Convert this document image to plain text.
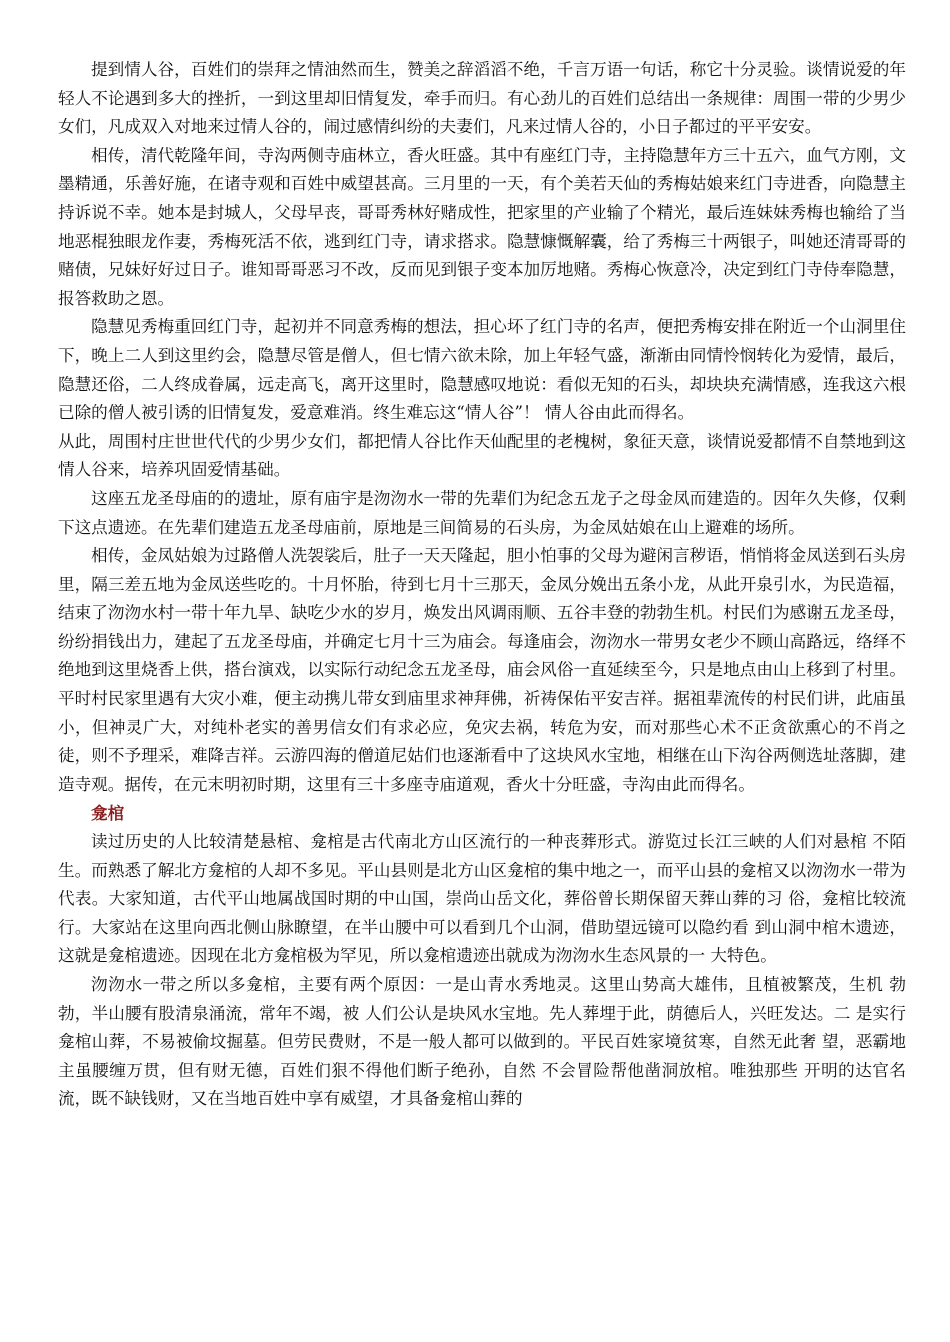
提到情人谷，百姓们的崇拜之情油然而生，赞美之辞滔滔不绝，千言万语一句话，称它十分灵验。谈情说爱的年轻人不论遇到多大的挫折，一到这里却旧情复发，牵手而归。有心劲儿的百姓们总结出一条规律：周围一带的少男少女们，凡成双入对地来过情人谷的，闹过感情纠纷的夫妻们，凡来过情人谷的，小日子都过的平平安安。

相传，清代乾隆年间，寺沟两侧寺庙林立，香火旺盛。其中有座红门寺，主持隐慧年方三十五六，血气方刚，文墨精通，乐善好施，在诸寺观和百姓中威望甚高。三月里的一天，有个美若天仙的秀梅姑娘来红门寺进香，向隐慧主持诉说不幸。她本是封城人，父母早丧，哥哥秀林好赌成性，把家里的产业输了个精光，最后连妹妹秀梅也输给了当地恶棍独眼龙作妻，秀梅死活不依，逃到红门寺，请求搭求。隐慧慷慨解囊，给了秀梅三十两银子，叫她还清哥哥的赌债，兄妹好好过日子。谁知哥哥恶习不改，反而见到银子变本加厉地赌。秀梅心恢意冷，决定到红门寺侍奉隐慧，报答救助之恩。

隐慧见秀梅重回红门寺，起初并不同意秀梅的想法，担心坏了红门寺的名声，便把秀梅安排在附近一个山洞里住下，晚上二人到这里约会，隐慧尽管是僧人，但七情六欲未除，加上年轻气盛，渐渐由同情怜悯转化为爱情，最后，隐慧还俗，二人终成眷属，远走高飞，离开这里时，隐慧感叹地说：看似无知的石头，却块块充满情感，连我这六根已除的僧人被引诱的旧情复发，爱意难消。终生难忘这“情人谷”！ 情人谷由此而得名。

从此，周围村庄世世代代的少男少女们，都把情人谷比作天仙配里的老槐树，象征天意，谈情说爱都情不自禁地到这情人谷来，培养巩固爱情基础。

这座五龙圣母庙的的遗址，原有庙宇是沕沕水一带的先辈们为纪念五龙子之母金凤而建造的。因年久失修，仅剩下这点遗迹。在先辈们建造五龙圣母庙前，原地是三间简易的石头房，为金凤姑娘在山上避难的场所。

相传，金凤姑娘为过路僧人洗袈裟后，肚子一天天隆起，胆小怕事的父母为避闲言秽语，悄悄将金凤送到石头房里，隔三差五地为金凤送些吃的。十月怀胎，待到七月十三那天，金凤分娩出五条小龙，从此开泉引水，为民造福，结束了沕沕水村一带十年九旱、缺吃少水的岁月，焕发出风调雨顺、五谷丰登的勃勃生机。村民们为感谢五龙圣母，纷纷捐钱出力，建起了五龙圣母庙，并确定七月十三为庙会。每逢庙会，沕沕水一带男女老少不顾山高路远，络绎不绝地到这里烧香上供，搭台演戏，以实际行动纪念五龙圣母，庙会风俗一直延续至今，只是地点由山上移到了村里。平时村民家里遇有大灾小难，便主动携儿带女到庙里求神拜佛，祈祷保佑平安吉祥。据祖辈流传的村民们讲，此庙虽小，但神灵广大，对纯朴老实的善男信女们有求必应，免灾去祸，转危为安，而对那些心术不正贪欲熏心的不肖之徒，则不予理采，难降吉祥。云游四海的僧道尼姑们也逐渐看中了这块风水宝地，相继在山下沟谷两侧选址落脚，建造寺观。据传，在元末明初时期，这里有三十多座寺庙道观，香火十分旺盛，寺沟由此而得名。

龛棺

读过历史的人比较清楚悬棺、龛棺是古代南北方山区流行的一种丧葬形式。游览过长江三峡的人们对悬棺 不陌生。而熟悉了解北方龛棺的人却不多见。平山县则是北方山区龛棺的集中地之一，而平山县的龛棺又以沕沕水一带为代表。大家知道，古代平山地属战国时期的中山国，崇尚山岳文化，葬俗曾长期保留天葬山葬的习 俗，龛棺比较流行。大家站在这里向西北侧山脉瞭望，在半山腰中可以看到几个山洞，借助望远镜可以隐约看 到山洞中棺木遗迹，这就是龛棺遗迹。因现在北方龛棺极为罕见，所以龛棺遗迹出就成为沕沕水生态风景的一 大特色。

沕沕水一带之所以多龛棺，主要有两个原因：一是山青水秀地灵。这里山势高大雄伟，且植被繁茂，生机 勃勃，半山腰有股清泉涌流，常年不竭，被 人们公认是块风水宝地。先人葬埋于此，荫德后人，兴旺发达。二 是实行龛棺山葬，不易被偷坟掘墓。但劳民费财，不是一般人都可以做到的。平民百姓家境贫寒，自然无此奢 望，恶霸地主虽腰缠万贯，但有财无德，百姓们狠不得他们断子绝孙，自然 不会冒险帮他凿洞放棺。唯独那些 开明的达官名流，既不缺钱财，又在当地百姓中享有威望，才具备龛棺山葬的
